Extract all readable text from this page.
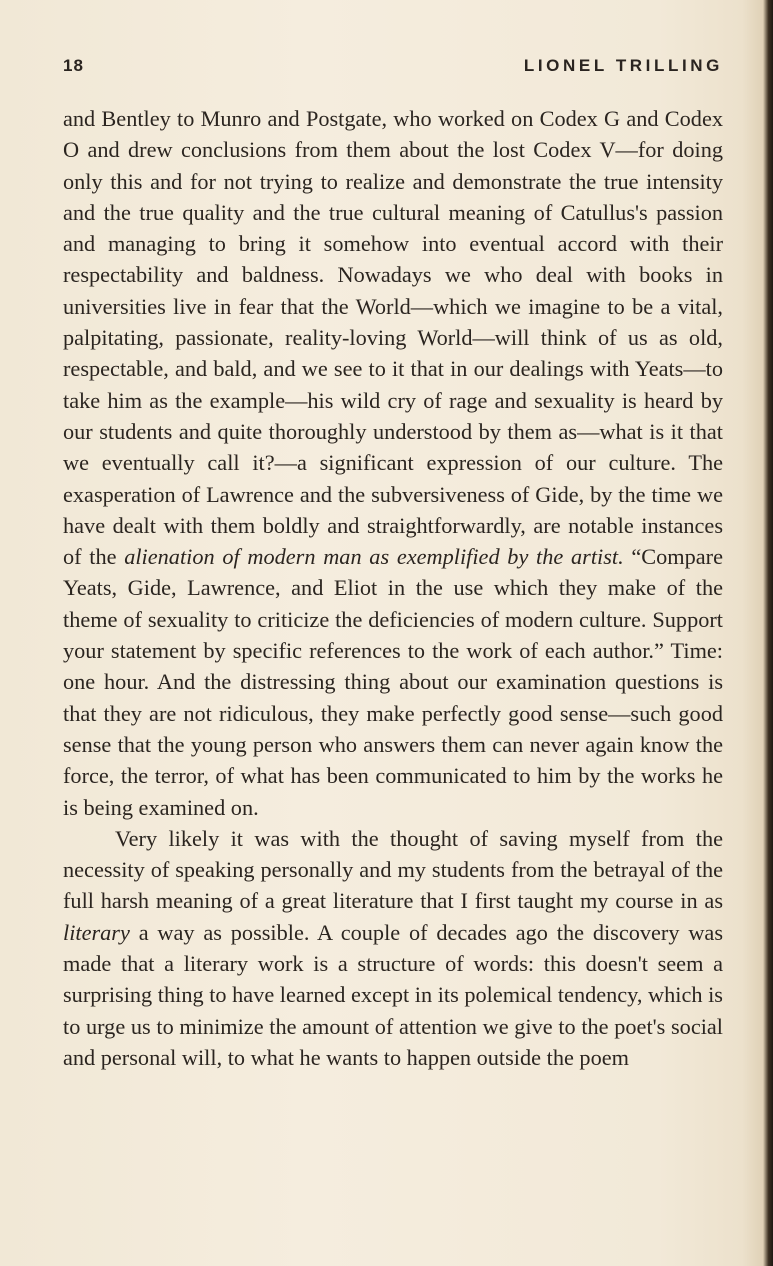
18	LIONEL TRILLING

and Bentley to Munro and Postgate, who worked on Codex G and Codex O and drew conclusions from them about the lost Codex V—for doing only this and for not trying to realize and demonstrate the true intensity and the true quality and the true cultural meaning of Catullus's passion and managing to bring it somehow into eventual accord with their respectability and baldness. Nowadays we who deal with books in universities live in fear that the World—which we imagine to be a vital, palpitating, passionate, reality-loving World—will think of us as old, respectable, and bald, and we see to it that in our dealings with Yeats—to take him as the example—his wild cry of rage and sexuality is heard by our students and quite thoroughly understood by them as—what is it that we eventually call it?—a significant expression of our culture. The exasperation of Lawrence and the subversiveness of Gide, by the time we have dealt with them boldly and straightforwardly, are notable instances of the alienation of modern man as exemplified by the artist. “Compare Yeats, Gide, Lawrence, and Eliot in the use which they make of the theme of sexuality to criticize the deficiencies of modern culture. Support your statement by specific references to the work of each author.” Time: one hour. And the distressing thing about our examination questions is that they are not ridiculous, they make perfectly good sense—such good sense that the young person who answers them can never again know the force, the terror, of what has been communicated to him by the works he is being examined on.

Very likely it was with the thought of saving myself from the necessity of speaking personally and my students from the betrayal of the full harsh meaning of a great literature that I first taught my course in as literary a way as possible. A couple of decades ago the discovery was made that a literary work is a structure of words: this doesn't seem a surprising thing to have learned except in its polemical tendency, which is to urge us to minimize the amount of attention we give to the poet's social and personal will, to what he wants to happen outside the poem
